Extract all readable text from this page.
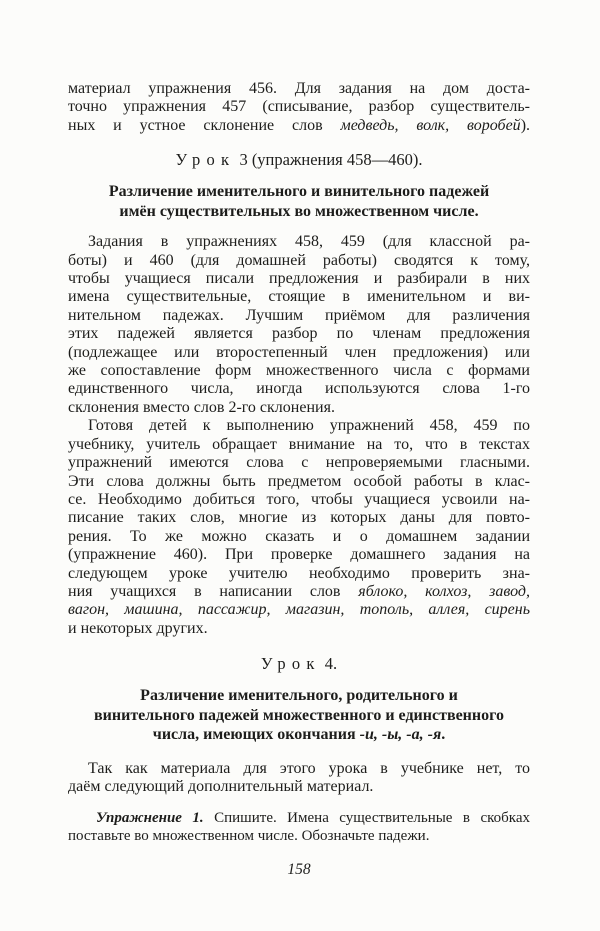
материал упражнения 456. Для задания на дом доста-
точно упражнения 457 (списывание, разбор существитель-
ных и устное склонение слов медведь, волк, воробей).
Урок 3 (упражнения 458—460).
Различение именительного и винительного падежей
имён существительных во множественном числе.
Задания в упражнениях 458, 459 (для классной ра-
боты) и 460 (для домашней работы) сводятся к тому,
чтобы учащиеся писали предложения и разбирали в них
имена существительные, стоящие в именительном и ви-
нительном падежах. Лучшим приёмом для различения
этих падежей является разбор по членам предложения
(подлежащее или второстепенный член предложения) или
же сопоставление форм множественного числа с формами
единственного числа, иногда используются слова 1-го
склонения вместо слов 2-го склонения.
Готовя детей к выполнению упражнений 458, 459 по
учебнику, учитель обращает внимание на то, что в текстах
упражнений имеются слова с непроверяемыми гласными.
Эти слова должны быть предметом особой работы в клас-
се. Необходимо добиться того, чтобы учащиеся усвоили на-
писание таких слов, многие из которых даны для повто-
рения. То же можно сказать и о домашнем задании
(упражнение 460). При проверке домашнего задания на
следующем уроке учителю необходимо проверить зна-
ния учащихся в написании слов яблоко, колхоз, завод,
вагон, машина, пассажир, магазин, тополь, аллея, сирень
и некоторых других.
Урок 4.
Различение именительного, родительного и
винительного падежей множественного и единственного
числа, имеющих окончания -и, -ы, -а, -я.
Так как материала для этого урока в учебнике нет, то
даём следующий дополнительный материал.
Упражнение 1. Спишите. Имена существительные в скобках
поставьте во множественном числе. Обозначьте падежи.
158
